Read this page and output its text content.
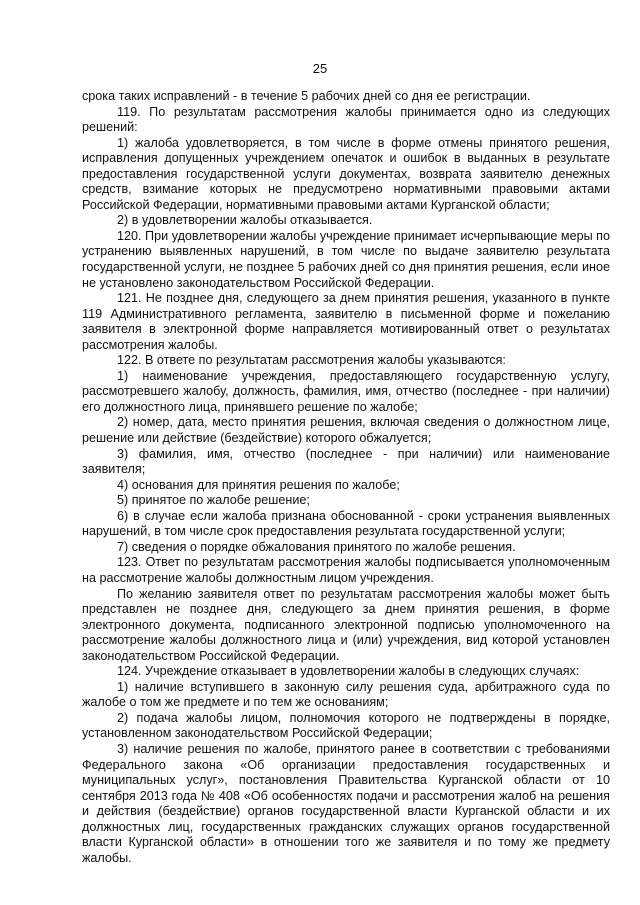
25

срока таких исправлений - в течение 5 рабочих дней со дня ее регистрации.

119. По результатам рассмотрения жалобы принимается одно из следующих решений:

1) жалоба удовлетворяется, в том числе в форме отмены принятого решения, исправления допущенных учреждением опечаток и ошибок в выданных в результате предоставления государственной услуги документах, возврата заявителю денежных средств, взимание которых не предусмотрено нормативными правовыми актами Российской Федерации, нормативными правовыми актами Курганской области;

2) в удовлетворении жалобы отказывается.

120. При удовлетворении жалобы учреждение принимает исчерпывающие меры по устранению выявленных нарушений, в том числе по выдаче заявителю результата государственной услуги, не позднее 5 рабочих дней со дня принятия решения, если иное не установлено законодательством Российской Федерации.

121. Не позднее дня, следующего за днем принятия решения, указанного в пункте 119 Административного регламента, заявителю в письменной форме и пожеланию заявителя в электронной форме направляется мотивированный ответ о результатах рассмотрения жалобы.

122. В ответе по результатам рассмотрения жалобы указываются:

1) наименование учреждения, предоставляющего государственную услугу, рассмотревшего жалобу, должность, фамилия, имя, отчество (последнее - при наличии) его должностного лица, принявшего решение по жалобе;

2) номер, дата, место принятия решения, включая сведения о должностном лице, решение или действие (бездействие) которого обжалуется;

3) фамилия, имя, отчество (последнее - при наличии) или наименование заявителя;

4) основания для принятия решения по жалобе;

5) принятое по жалобе решение;

6) в случае если жалоба признана обоснованной - сроки устранения выявленных нарушений, в том числе срок предоставления результата государственной услуги;

7) сведения о порядке обжалования принятого по жалобе решения.

123. Ответ по результатам рассмотрения жалобы подписывается уполномоченным на рассмотрение жалобы должностным лицом учреждения.

По желанию заявителя ответ по результатам рассмотрения жалобы может быть представлен не позднее дня, следующего за днем принятия решения, в форме электронного документа, подписанного электронной подписью уполномоченного на рассмотрение жалобы должностного лица и (или) учреждения, вид которой установлен законодательством Российской Федерации.

124. Учреждение отказывает в удовлетворении жалобы в следующих случаях:

1) наличие вступившего в законную силу решения суда, арбитражного суда по жалобе о том же предмете и по тем же основаниям;

2) подача жалобы лицом, полномочия которого не подтверждены в порядке, установленном законодательством Российской Федерации;

3) наличие решения по жалобе, принятого ранее в соответствии с требованиями Федерального закона «Об организации предоставления государственных и муниципальных услуг», постановления Правительства Курганской области от 10 сентября 2013 года № 408 «Об особенностях подачи и рассмотрения жалоб на решения и действия (бездействие) органов государственной власти Курганской области и их должностных лиц, государственных гражданских служащих органов государственной власти Курганской области» в отношении того же заявителя и по тому же предмету жалобы.
